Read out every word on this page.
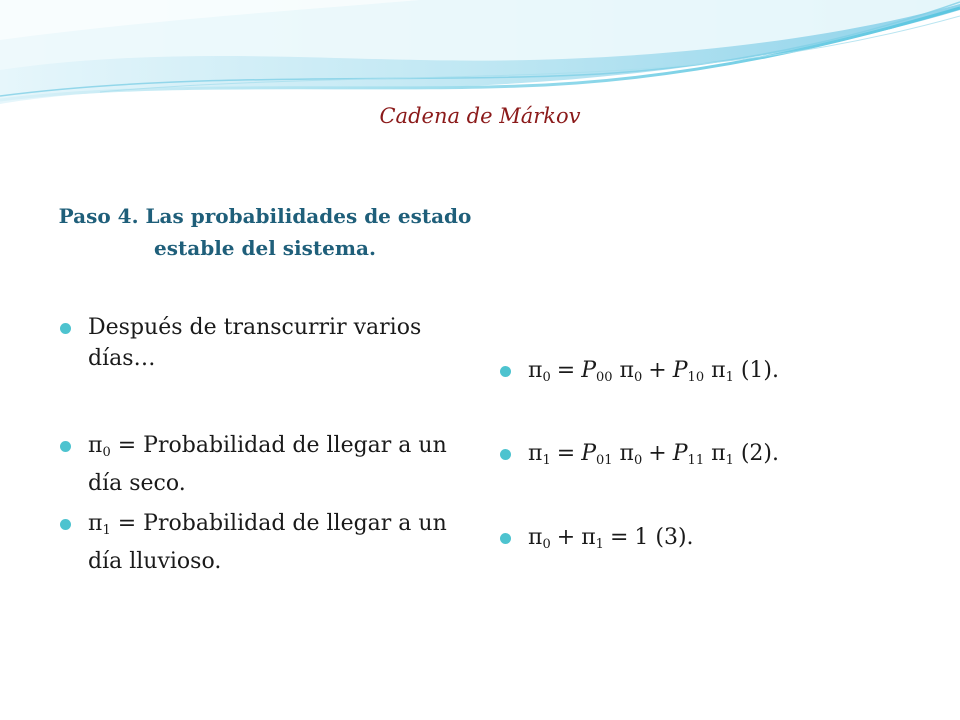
Cadena de Márkov
Paso 4. Las probabilidades de estado estable del sistema.
Después de transcurrir varios días…
π0 = Probabilidad de llegar a un día seco.
π1 = Probabilidad de llegar a un día lluvioso.
π0 = P00 π0 + P10 π1 (1).
π1 = P01 π0 + P11 π1 (2).
π0 + π1 = 1 (3).
